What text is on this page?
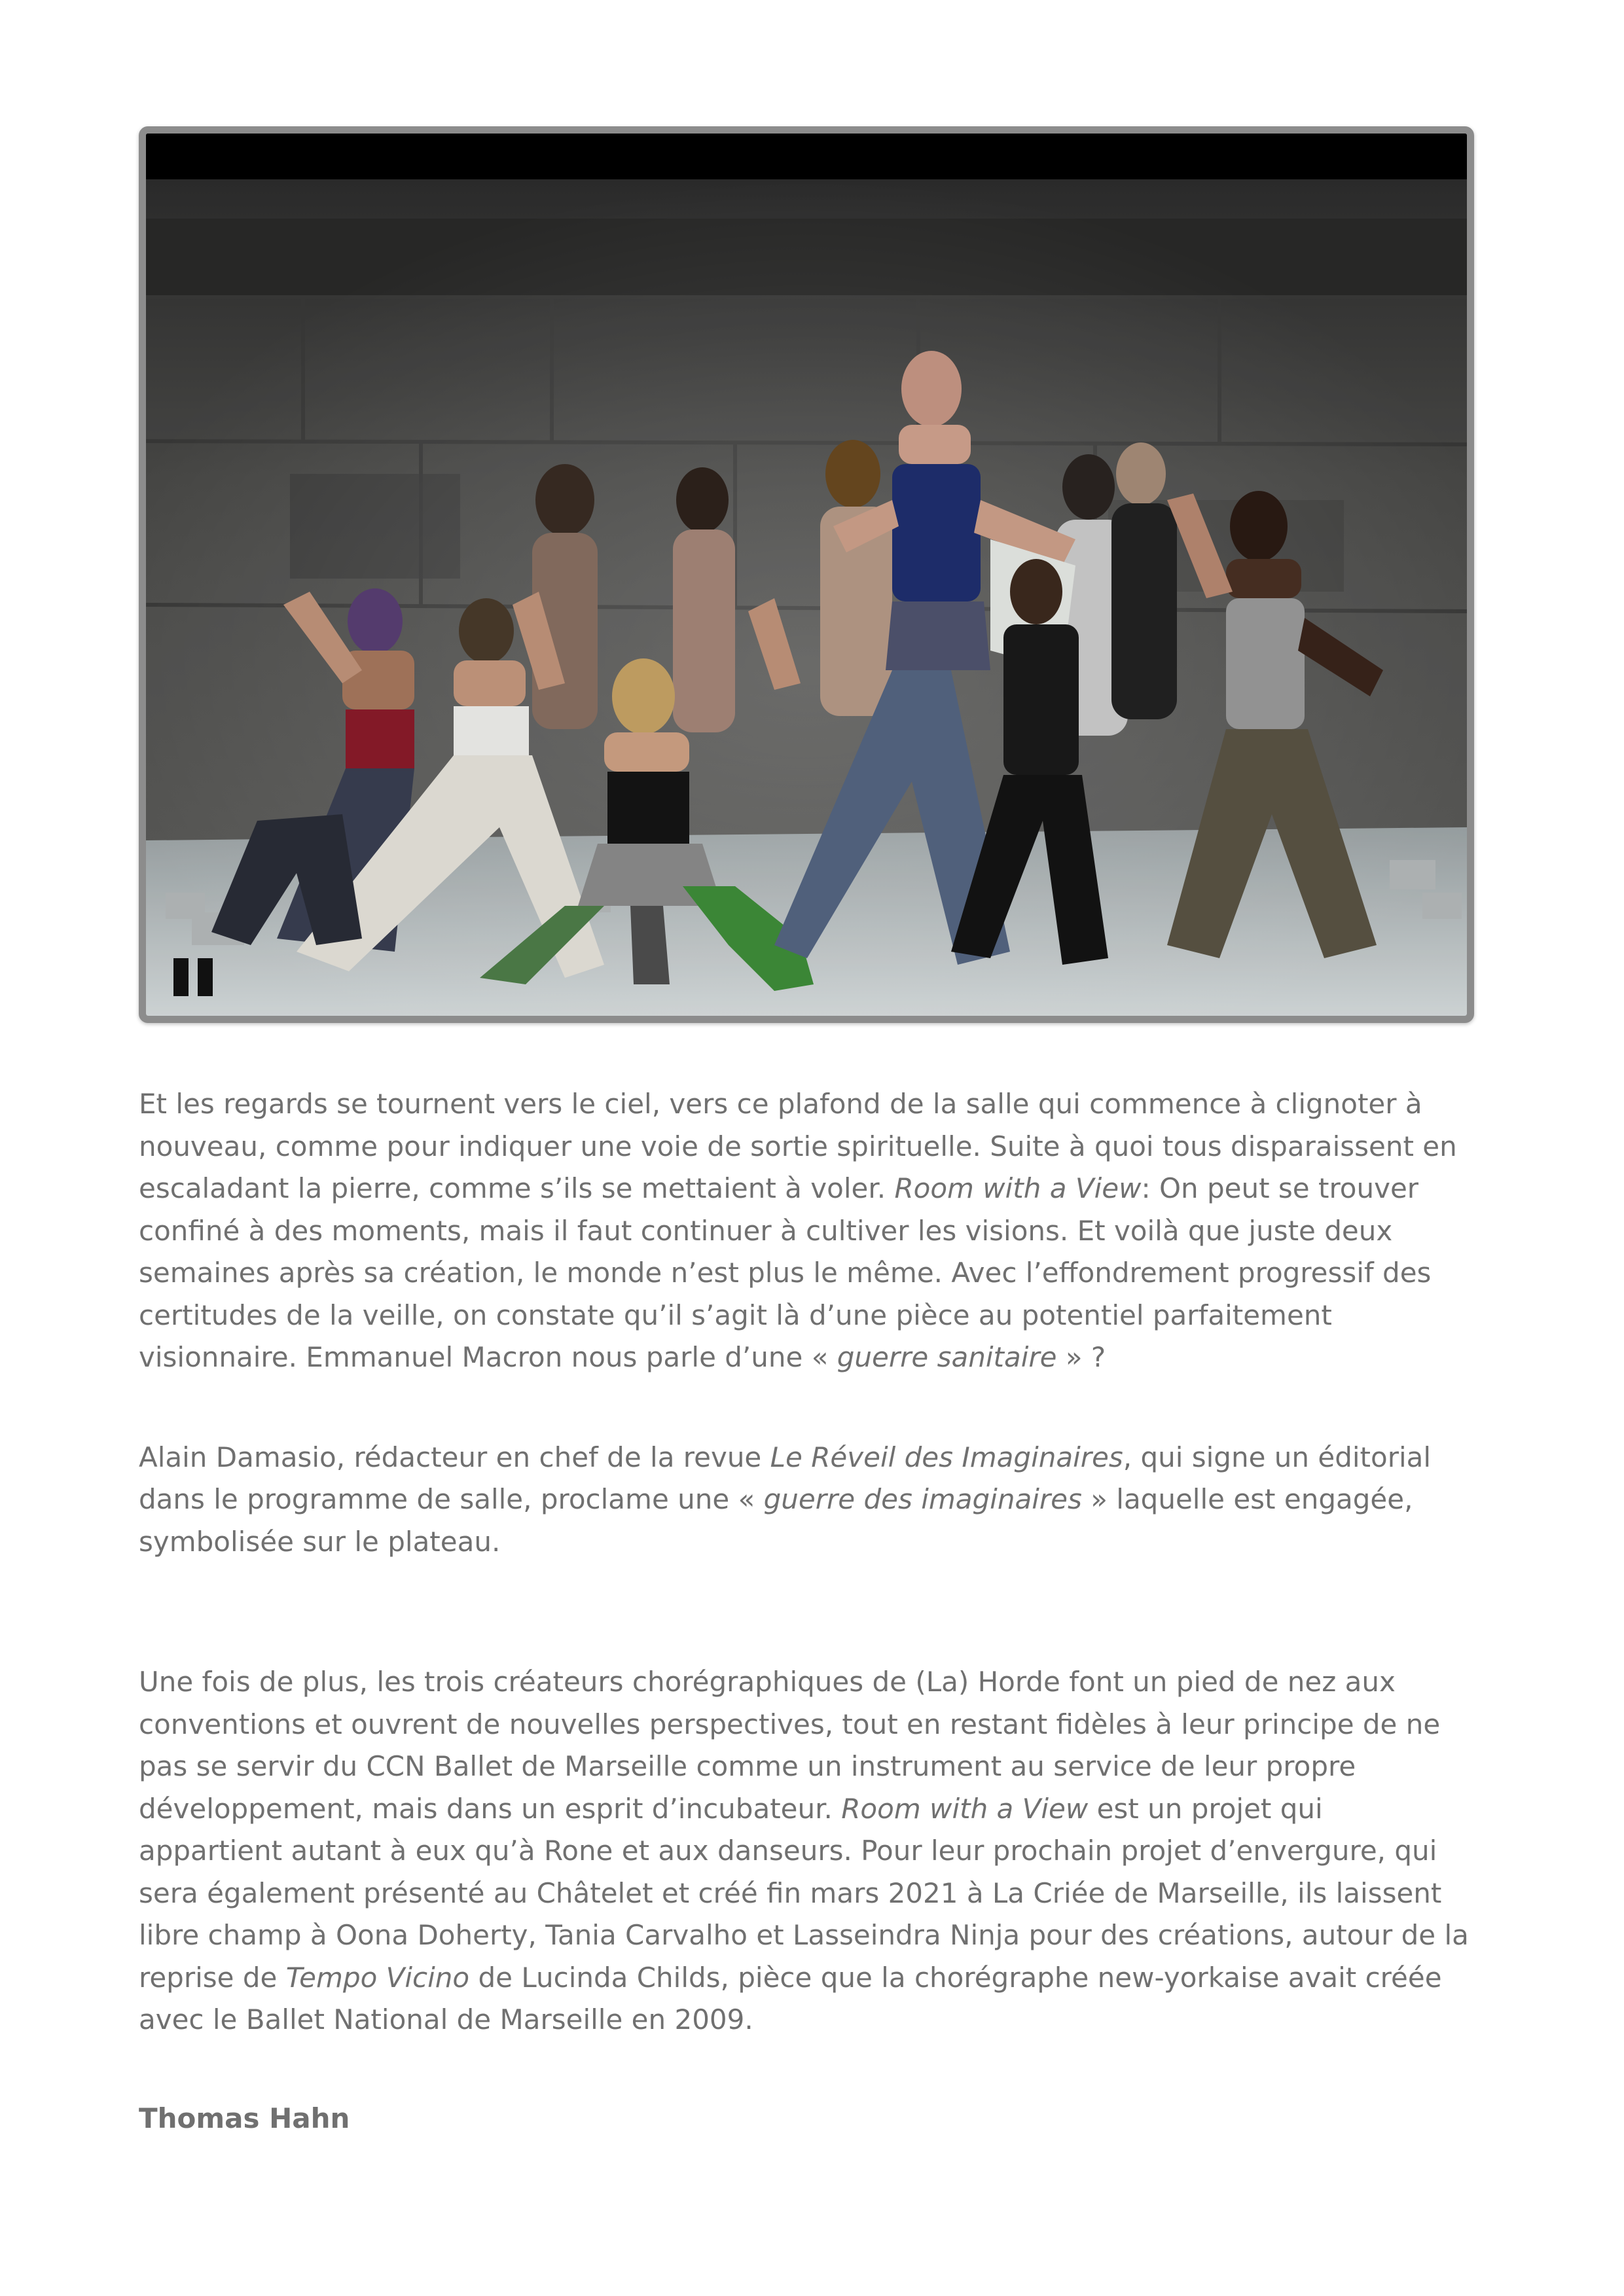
Et les regards se tournent vers le ciel, vers ce plafond de la salle qui commence à clignoter à nouveau, comme pour indiquer une voie de sortie spirituelle. Suite à quoi tous disparaissent en escaladant la pierre, comme s’ils se mettaient à voler. Room with a View: On peut se trouver confiné à des moments, mais il faut continuer à cultiver les visions. Et voilà que juste deux semaines après sa création, le monde n’est plus le même. Avec l’effondrement progressif des certitudes de la veille, on constate qu’il s’agit là d’une pièce au potentiel parfaitement visionnaire. Emmanuel Macron nous parle d’une « guerre sanitaire » ?

Alain Damasio, rédacteur en chef de la revue Le Réveil des Imaginaires, qui signe un éditorial dans le programme de salle, proclame une « guerre des imaginaires » laquelle est engagée, symbolisée sur le plateau.

Une fois de plus, les trois créateurs chorégraphiques de (La) Horde font un pied de nez aux conventions et ouvrent de nouvelles perspectives, tout en restant fidèles à leur principe de ne pas se servir du CCN Ballet de Marseille comme un instrument au service de leur propre développement, mais dans un esprit d’incubateur. Room with a View est un projet qui appartient autant à eux qu’à Rone et aux danseurs. Pour leur prochain projet d’envergure, qui sera également présenté au Châtelet et créé fin mars 2021 à La Criée de Marseille, ils laissent libre champ à Oona Doherty, Tania Carvalho et Lasseindra Ninja pour des créations, autour de la reprise de Tempo Vicino de Lucinda Childs, pièce que la chorégraphe new-yorkaise avait créée avec le Ballet National de Marseille en 2009.

Thomas Hahn
